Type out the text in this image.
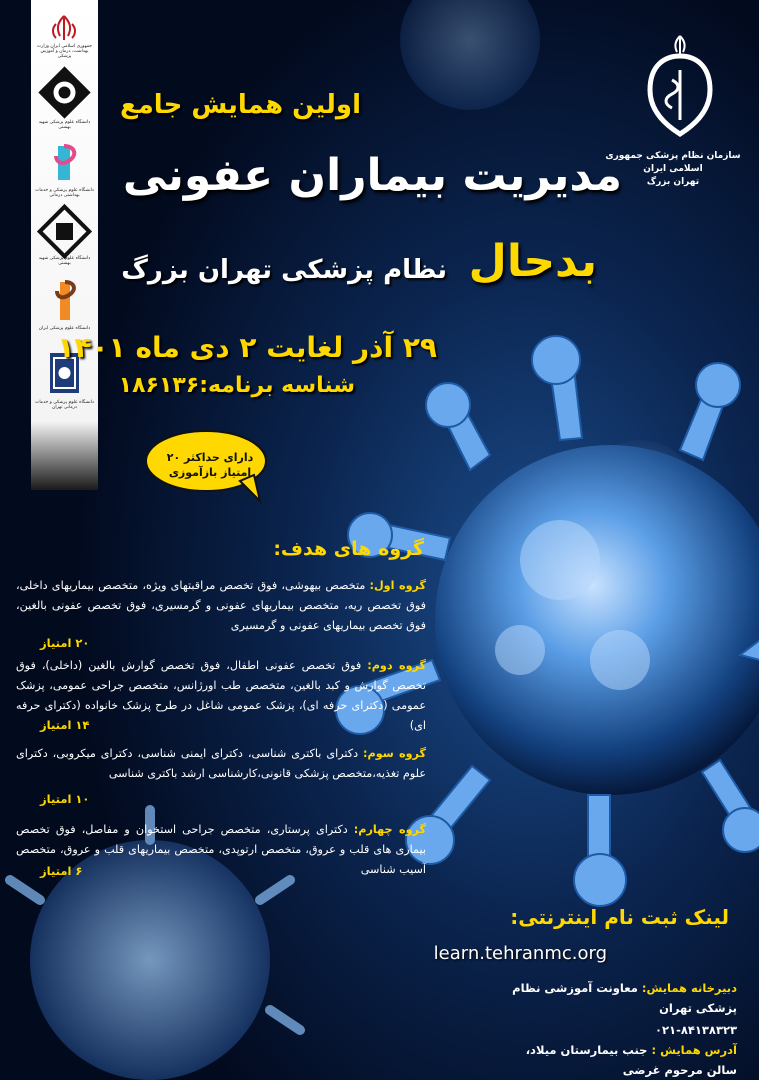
جمهوری اسلامی ایران وزارت بهداشت، درمان و آموزش پزشکی
دانشگاه علوم پزشکی شهید بهشتی
دانشگاه علوم پزشکی و خدمات بهداشتی درمانی
دانشگاه علوم پزشکی شهید بهشتی
دانشگاه علوم پزشکی ایران
دانشگاه علوم پزشکی و خدمات درمانی تهران
سازمان نظام پزشکی جمهوری اسلامی ایران
تهران بزرگ
اولین همایش جامع
مدیریت بیماران عفونی
بدحال
نظام پزشکی تهران بزرگ
۲۹ آذر لغایت ۲ دی ماه ۱۴۰۱
شناسه برنامه:۱۸۶۱۳۶
دارای حداکثر ۲۰
امتیاز بازآموزی
گروه های هدف:
گروه اول: متخصص بیهوشی، فوق تخصص مراقبتهای ویژه، متخصص بیماریهای داخلی، فوق تخصص ریه، متخصص بیماریهای عفونی و گرمسیری، فوق تخصص عفونی بالغین، فوق تخصص بیماریهای عفونی و گرمسیری
۲۰ امتیاز
گروه دوم: فوق تخصص عفونی اطفال، فوق تخصص گوارش بالغین (داخلی)، فوق تخصص گوارش و کبد بالغین، متخصص طب اورژانس، متخصص جراحی عمومی، پزشک عمومی (دکترای حرفه ای)، پزشک عمومی شاغل در طرح پزشک خانواده (دکترای حرفه ای)
۱۴ امتیاز
گروه سوم: دکترای باکتری شناسی، دکترای ایمنی شناسی، دکترای میکروبی، دکترای علوم تغذیه،متخصص پزشکی قانونی،کارشناسی ارشد باکتری شناسی
۱۰ امتیاز
گروه چهارم: دکترای پرستاری، متخصص جراحی استخوان و مفاصل، فوق تخصص بیماری های قلب و عروق، متخصص ارتوپدی، متخصص بیماریهای قلب و عروق، متخصص آسیب شناسی
۶ امتیاز
لینک ثبت نام اینترنتی:
learn.tehranmc.org
دبیرخانه همایش: معاونت آموزشی نظام پزشکی تهران
۰۲۱-۸۴۱۳۸۳۲۳
آدرس همایش : جنب بیمارستان میلاد، سالن مرحوم غرضی
